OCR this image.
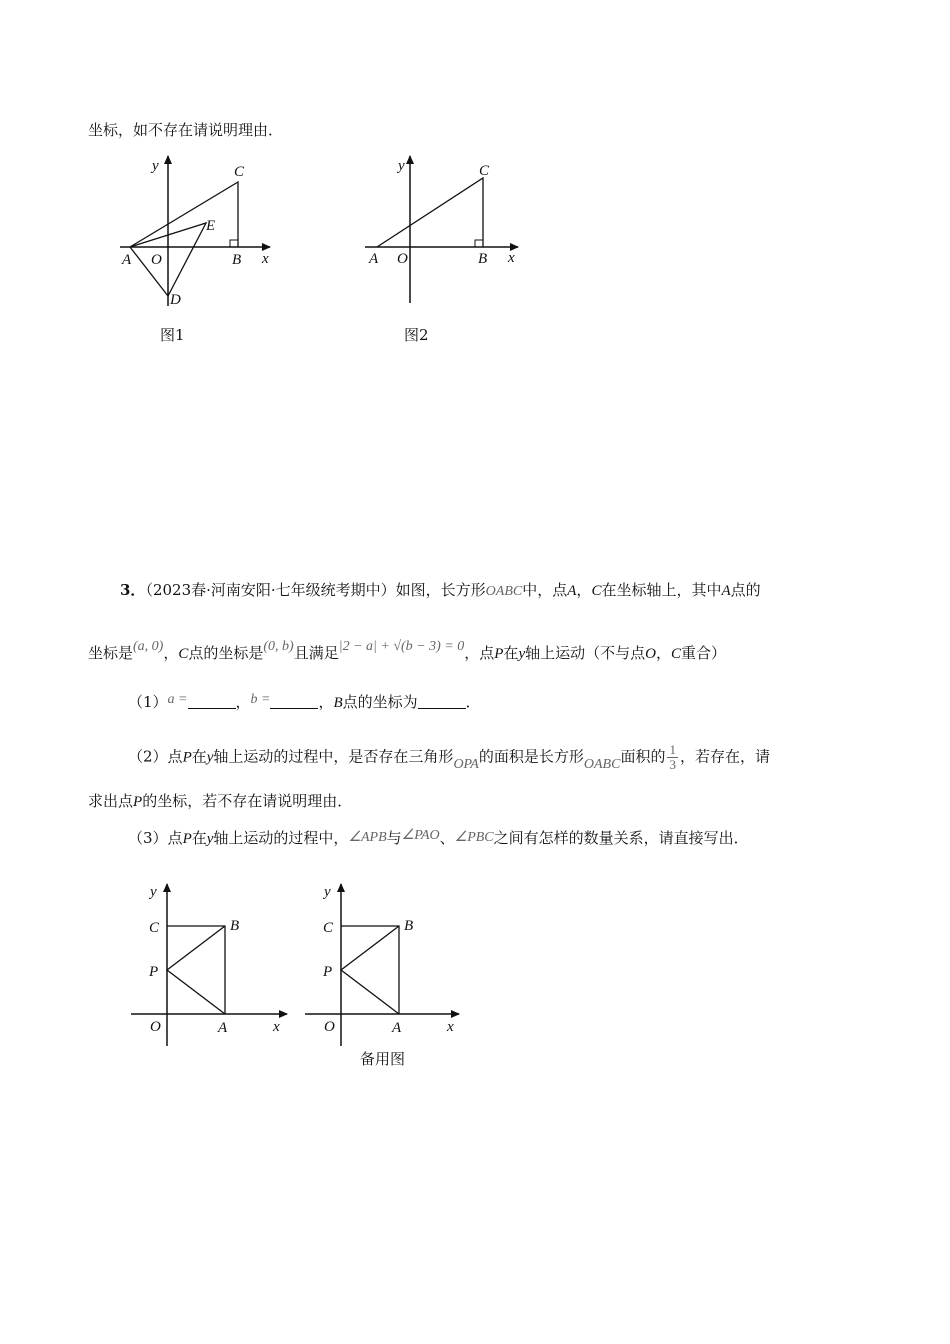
坐标，如不存在请说明理由．
y
x
A O	B
C
D
E
图1
y
x
A O	B
C
图2
3．（2023春·河南安阳·七年级统考期中）如图，长方形OABC中，点A，C在坐标轴上，其中A点的
坐标是(a, 0)，C点的坐标是(0, b)且满足|2 − a| + √(b − 3) = 0，点P在y轴上运动（不与点O，C重合）
（1）a =	，b =	，B点的坐标为	．
（2）点P在y轴上运动的过程中，是否存在三角形OPA的面积是长方形OABC面积的 $\frac{1}{3}$ ，若存在，请
求出点P的坐标，若不存在请说明理由．
（3）点P在y轴上运动的过程中，∠APB与∠PAO、∠PBC之间有怎样的数量关系，请直接写出．
y
x
C	B
P
O	A
y
x
C	B
P
O	A
备用图
